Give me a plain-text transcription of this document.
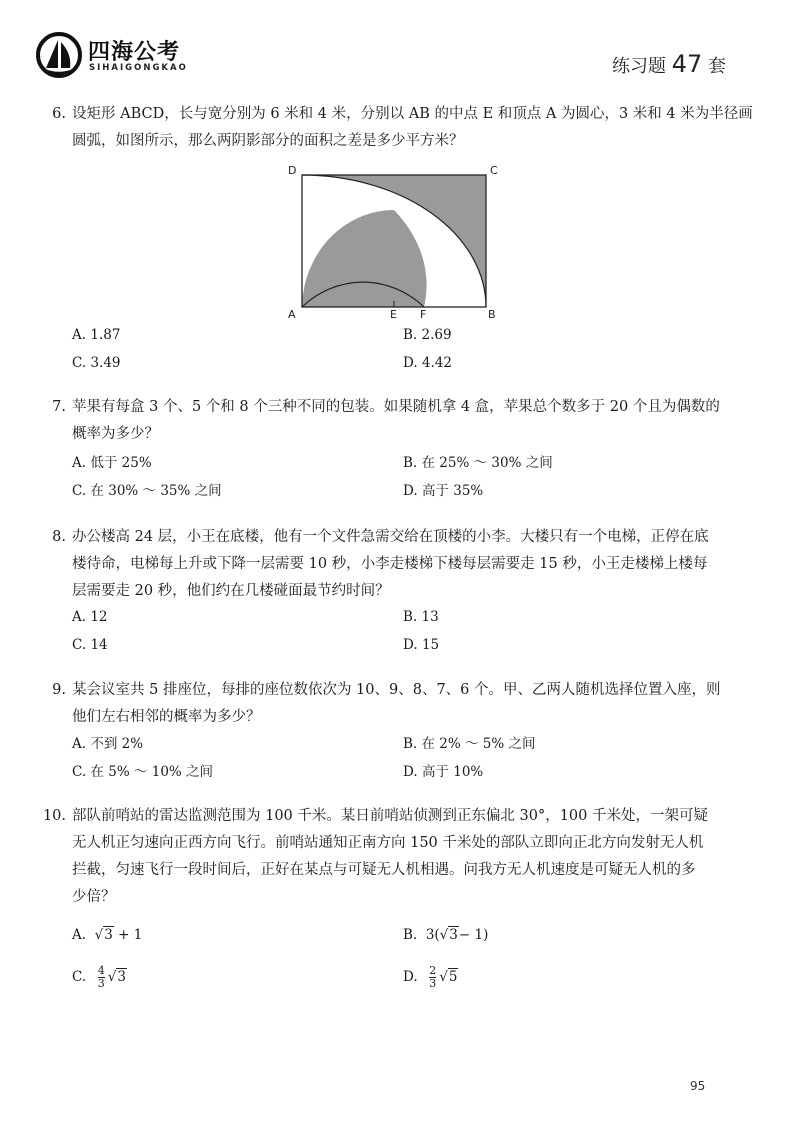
四海公考
SIHAIGONGKAO	练习题 47 套
6. 设矩形 ABCD，长与宽分别为 6 米和 4 米，分别以 AB 的中点 E 和顶点 A 为圆心，3 米和 4 米为半径画
圆弧，如图所示，那么两阴影部分的面积之差是多少平方米？
D	C
A	E F	B
A. 1.87	B. 2.69
C. 3.49	D. 4.42
7. 苹果有每盒 3 个、5 个和 8 个三种不同的包装。如果随机拿 4 盒，苹果总个数多于 20 个且为偶数的
概率为多少？
A. 低于 25%	B. 在 25% ～ 30% 之间
C. 在 30% ～ 35% 之间	D. 高于 35%
8. 办公楼高 24 层，小王在底楼，他有一个文件急需交给在顶楼的小李。大楼只有一个电梯，正停在底
楼待命，电梯每上升或下降一层需要 10 秒，小李走楼梯下楼每层需要走 15 秒，小王走楼梯上楼每
层需要走 20 秒，他们约在几楼碰面最节约时间？
A. 12	B. 13
C. 14	D. 15
9. 某会议室共 5 排座位，每排的座位数依次为 10、9、8、7、6 个。甲、乙两人随机选择位置入座，则
他们左右相邻的概率为多少？
A. 不到 2%	B. 在 2% ～ 5% 之间
C. 在 5% ～ 10% 之间	D. 高于 10%
10. 部队前哨站的雷达监测范围为 100 千米。某日前哨站侦测到正东偏北 30°，100 千米处，一架可疑
无人机正匀速向正西方向飞行。前哨站通知正南方向 150 千米处的部队立即向正北方向发射无人机
拦截，匀速飞行一段时间后，正好在某点与可疑无人机相遇。问我方无人机速度是可疑无人机的多
少倍？
A. √3 + 1	B. 3(√3− 1)
C. $\frac{4}{3} √3$	D. $\frac{2}{3} √5$
95
